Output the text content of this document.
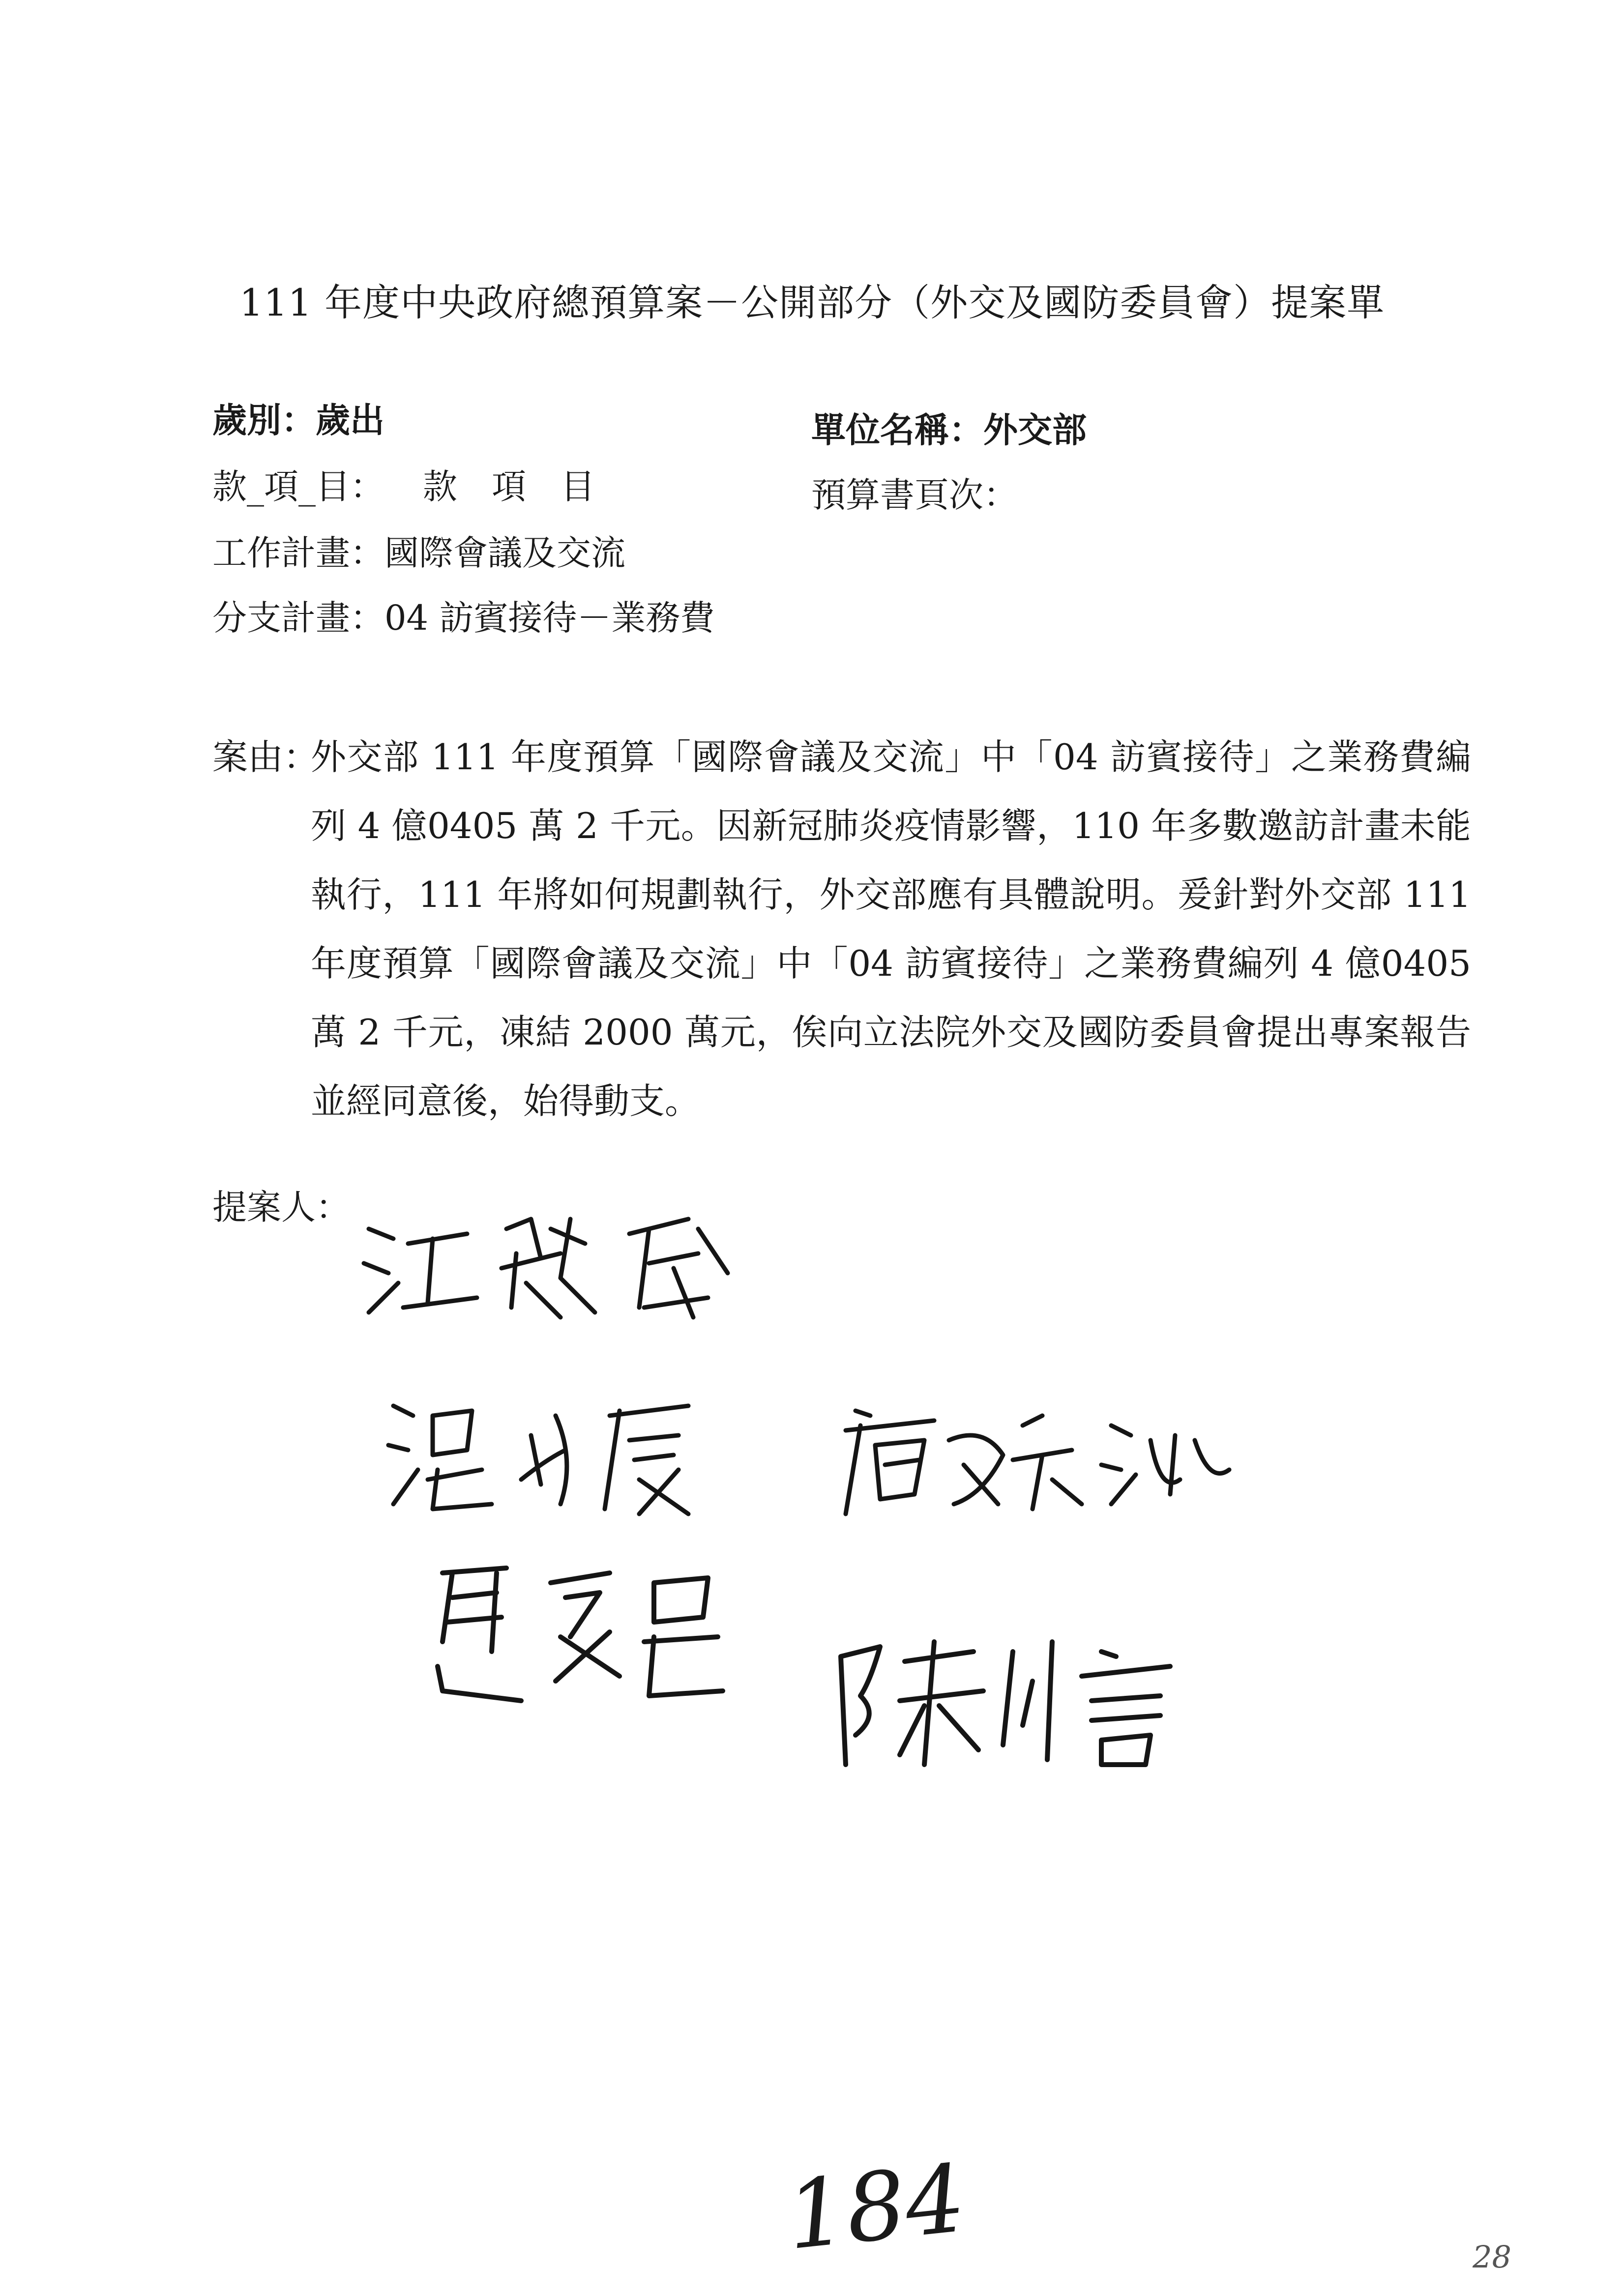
111 年度中央政府總預算案－公開部分（外交及國防委員會）提案單
歲別：歲出	單位名稱：外交部
款_項_目： 款　項　目	預算書頁次：
工作計畫：國際會議及交流
分支計畫：04 訪賓接待－業務費
案由：
外交部 111 年度預算「國際會議及交流」中「04 訪賓接待」之業務費編列 4 億0405 萬 2 千元。因新冠肺炎疫情影響，110 年多數邀訪計畫未能執行，111 年將如何規劃執行，外交部應有具體說明。爰針對外交部 111 年度預算「國際會議及交流」中「04 訪賓接待」之業務費編列 4 億0405 萬 2 千元，凍結 2000 萬元，俟向立法院外交及國防委員會提出專案報告並經同意後，始得動支。
提案人：
184	28
